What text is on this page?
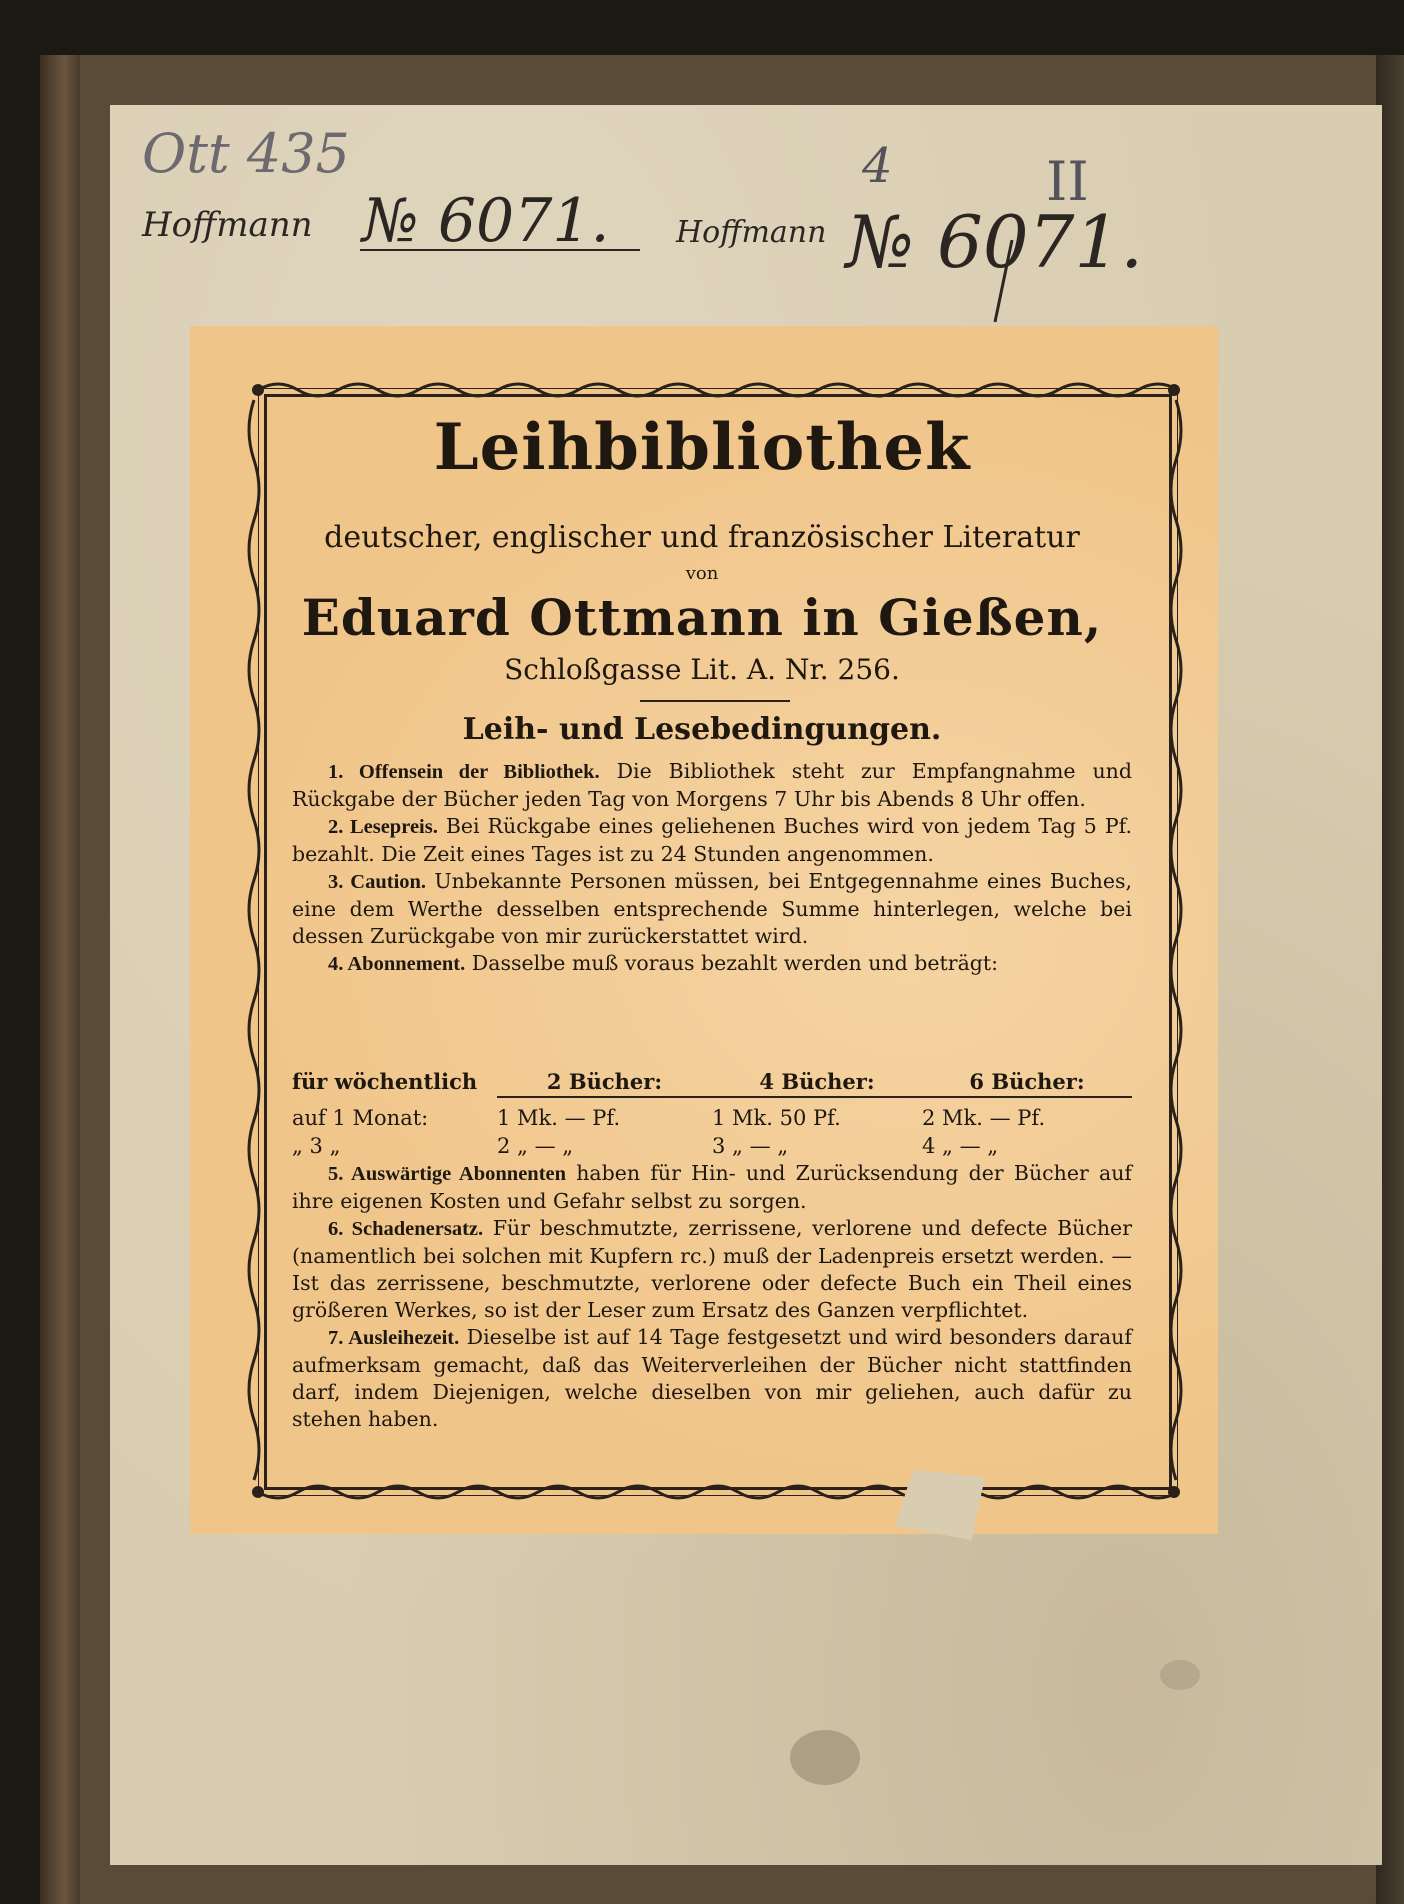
Ott 435
Hoffmann № 6071. Hoffmann № 6071.
4	II
Leihbibliothek
deutscher, englischer und französischer Literatur
von
Eduard Ottmann in Gießen,
Schloßgasse Lit. A. Nr. 256.
Leih- und Lesebedingungen.

1. Offensein der Bibliothek. Die Bibliothek steht zur Empfangnahme und Rückgabe der Bücher jeden Tag von Morgens 7 Uhr bis Abends 8 Uhr offen.

2. Lesepreis. Bei Rückgabe eines geliehenen Buches wird von jedem Tag 5 Pf. bezahlt. Die Zeit eines Tages ist zu 24 Stunden angenommen.

3. Caution. Unbekannte Personen müssen, bei Entgegennahme eines Buches, eine dem Werthe desselben entsprechende Summe hinterlegen, welche bei dessen Zurückgabe von mir zurückerstattet wird.

4. Abonnement. Dasselbe muß voraus bezahlt werden und beträgt:

für wöchentlich	2 Bücher:	4 Bücher:	6 Bücher:
auf 1 Monat:	1 Mk. — Pf.	1 Mk. 50 Pf.	2 Mk. — Pf.
„ 3 „	2 „ — „	3 „ — „	4 „ — „

5. Auswärtige Abonnenten haben für Hin- und Zurücksendung der Bücher auf ihre eigenen Kosten und Gefahr selbst zu sorgen.

6. Schadenersatz. Für beschmutzte, zerrissene, verlorene und defecte Bücher (namentlich bei solchen mit Kupfern rc.) muß der Ladenpreis ersetzt werden. — Ist das zerrissene, beschmutzte, verlorene oder defecte Buch ein Theil eines größeren Werkes, so ist der Leser zum Ersatz des Ganzen verpflichtet.

7. Ausleihezeit. Dieselbe ist auf 14 Tage festgesetzt und wird besonders darauf aufmerksam gemacht, daß das Weiterverleihen der Bücher nicht stattfinden darf, indem Diejenigen, welche dieselben von mir geliehen, auch dafür zu stehen haben.
